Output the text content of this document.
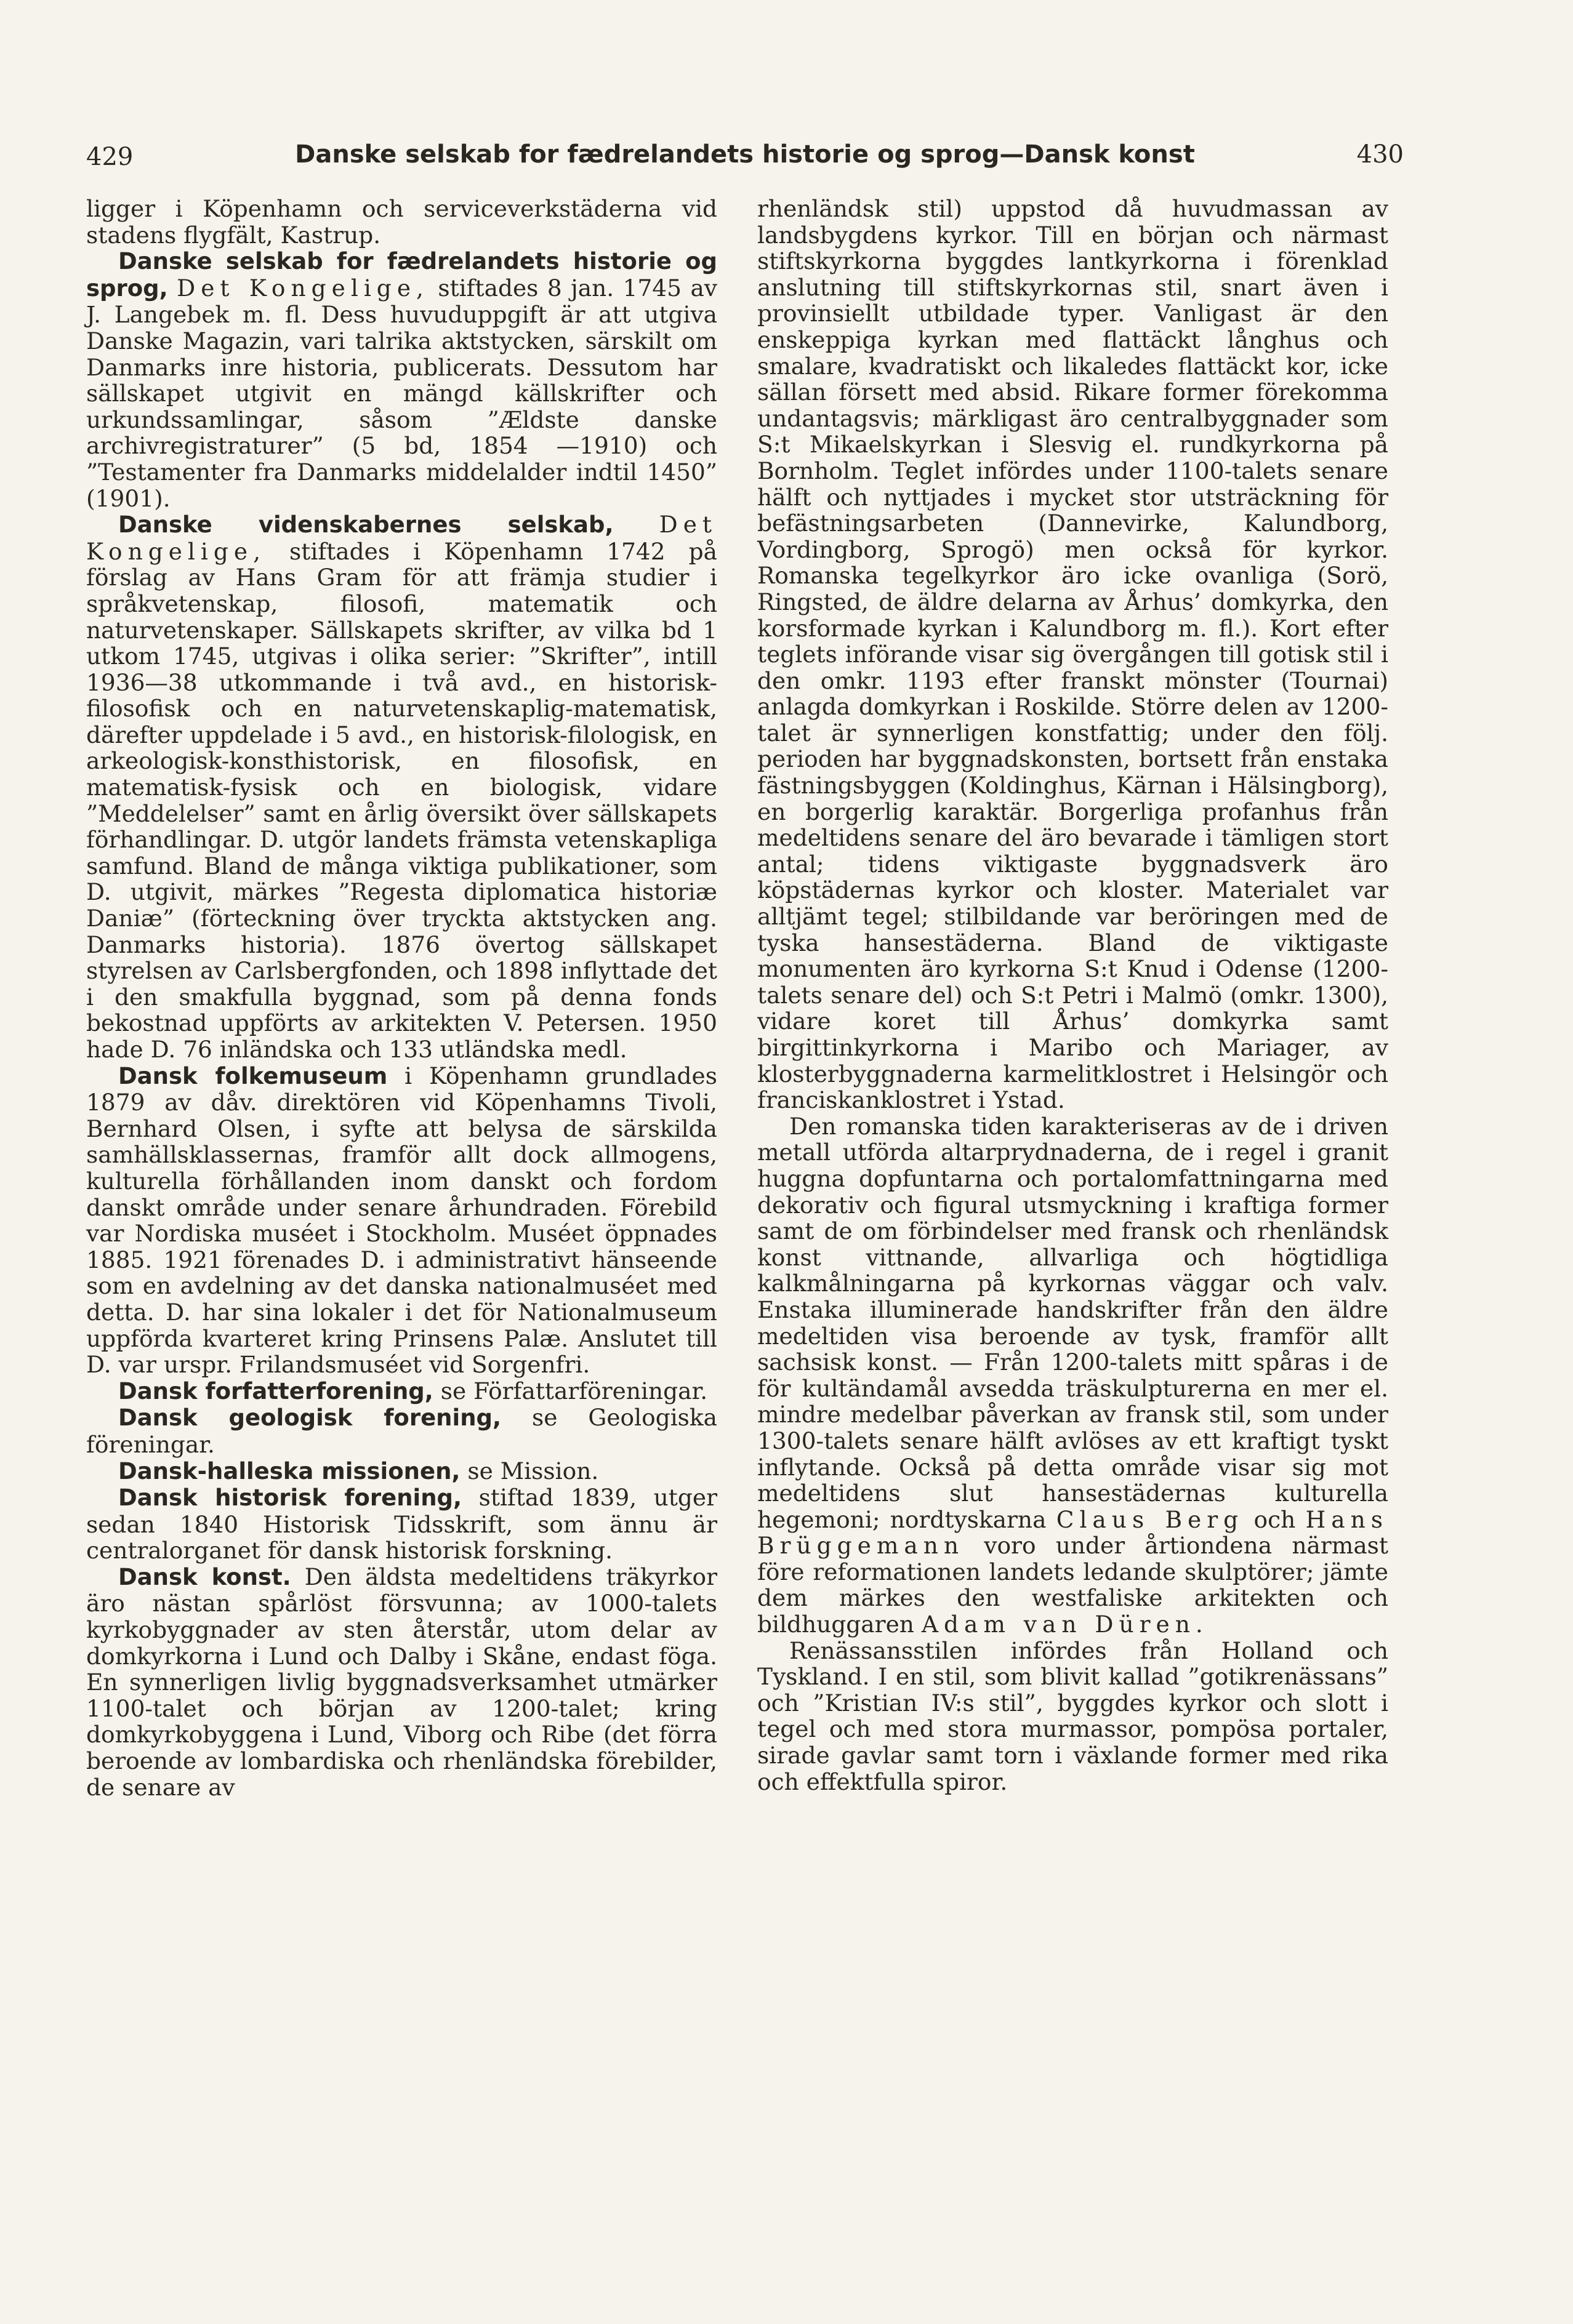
429	Danske selskab for fædrelandets historie og sprog—Dansk konst	430

ligger i Köpenhamn och serviceverkstäderna vid stadens flygfält, Kastrup.

Danske selskab for fædrelandets historie og sprog, Det Kongelige, stiftades 8 jan. 1745 av J. Langebek m. fl. Dess huvuduppgift är att utgiva Danske Magazin, vari talrika aktstycken, särskilt om Danmarks inre historia, publicerats. Dessutom har sällskapet utgivit en mängd källskrifter och urkundssamlingar, såsom ”Ældste danske archivregistraturer” (5 bd, 1854 —1910) och ”Testamenter fra Danmarks middelalder indtil 1450” (1901).

Danske videnskabernes selskab, Det Kongelige, stiftades i Köpenhamn 1742 på förslag av Hans Gram för att främja studier i språkvetenskap, filosofi, matematik och naturvetenskaper. Sällskapets skrifter, av vilka bd 1 utkom 1745, utgivas i olika serier: ”Skrifter”, intill 1936—38 utkommande i två avd., en historisk-filosofisk och en naturvetenskaplig-matematisk, därefter uppdelade i 5 avd., en historisk-filologisk, en arkeologisk-konsthistorisk, en filosofisk, en matematisk-fysisk och en biologisk, vidare ”Meddelelser” samt en årlig översikt över sällskapets förhandlingar. D. utgör landets främsta vetenskapliga samfund. Bland de många viktiga publikationer, som D. utgivit, märkes ”Regesta diplomatica historiæ Daniæ” (förteckning över tryckta aktstycken ang. Danmarks historia). 1876 övertog sällskapet styrelsen av Carlsbergfonden, och 1898 inflyttade det i den smakfulla byggnad, som på denna fonds bekostnad uppförts av arkitekten V. Petersen. 1950 hade D. 76 inländska och 133 utländska medl.

Dansk folkemuseum i Köpenhamn grundlades 1879 av dåv. direktören vid Köpenhamns Tivoli, Bernhard Olsen, i syfte att belysa de särskilda samhällsklassernas, framför allt dock allmogens, kulturella förhållanden inom danskt och fordom danskt område under senare århundraden. Förebild var Nordiska muséet i Stockholm. Muséet öppnades 1885. 1921 förenades D. i administrativt hänseende som en avdelning av det danska nationalmuséet med detta. D. har sina lokaler i det för Nationalmuseum uppförda kvarteret kring Prinsens Palæ. Anslutet till D. var urspr. Frilandsmuséet vid Sorgenfri.

Dansk forfatterforening, se Författarföreningar.

Dansk geologisk forening, se Geologiska föreningar.

Dansk-halleska missionen, se Mission.

Dansk historisk forening, stiftad 1839, utger sedan 1840 Historisk Tidsskrift, som ännu är centralorganet för dansk historisk forskning.

Dansk konst. Den äldsta medeltidens träkyrkor äro nästan spårlöst försvunna; av 1000-talets kyrkobyggnader av sten återstår, utom delar av domkyrkorna i Lund och Dalby i Skåne, endast föga. En synnerligen livlig byggnadsverksamhet utmärker 1100-talet och början av 1200-talet; kring domkyrkobyggena i Lund, Viborg och Ribe (det förra beroende av lombardiska och rhenländska förebilder, de senare av

rhenländsk stil) uppstod då huvudmassan av landsbygdens kyrkor. Till en början och närmast stiftskyrkorna byggdes lantkyrkorna i förenklad anslutning till stiftskyrkornas stil, snart även i provinsiellt utbildade typer. Vanligast är den enskeppiga kyrkan med flattäckt långhus och smalare, kvadratiskt och likaledes flattäckt kor, icke sällan försett med absid. Rikare former förekomma undantagsvis; märkligast äro centralbyggnader som S:t Mikaelskyrkan i Slesvig el. rundkyrkorna på Bornholm. Teglet infördes under 1100-talets senare hälft och nyttjades i mycket stor utsträckning för befästningsarbeten (Dannevirke, Kalundborg, Vordingborg, Sprogö) men också för kyrkor. Romanska tegelkyrkor äro icke ovanliga (Sorö, Ringsted, de äldre delarna av Århus’ domkyrka, den korsformade kyrkan i Kalundborg m. fl.). Kort efter teglets införande visar sig övergången till gotisk stil i den omkr. 1193 efter franskt mönster (Tournai) anlagda domkyrkan i Roskilde. Större delen av 1200-talet är synnerligen konstfattig; under den följ. perioden har byggnadskonsten, bortsett från enstaka fästningsbyggen (Koldinghus, Kärnan i Hälsingborg), en borgerlig karaktär. Borgerliga profanhus från medeltidens senare del äro bevarade i tämligen stort antal; tidens viktigaste byggnadsverk äro köpstädernas kyrkor och kloster. Materialet var alltjämt tegel; stilbildande var beröringen med de tyska hansestäderna. Bland de viktigaste monumenten äro kyrkorna S:t Knud i Odense (1200-talets senare del) och S:t Petri i Malmö (omkr. 1300), vidare koret till Århus’ domkyrka samt birgittinkyrkorna i Maribo och Mariager, av klosterbyggnaderna karmelitklostret i Helsingör och franciskanklostret i Ystad.

Den romanska tiden karakteriseras av de i driven metall utförda altarprydnaderna, de i regel i granit huggna dopfuntarna och portalomfattningarna med dekorativ och figural utsmyckning i kraftiga former samt de om förbindelser med fransk och rhenländsk konst vittnande, allvarliga och högtidliga kalkmålningarna på kyrkornas väggar och valv. Enstaka illuminerade handskrifter från den äldre medeltiden visa beroende av tysk, framför allt sachsisk konst. — Från 1200-talets mitt spåras i de för kultändamål avsedda träskulpturerna en mer el. mindre medelbar påverkan av fransk stil, som under 1300-talets senare hälft avlöses av ett kraftigt tyskt inflytande. Också på detta område visar sig mot medeltidens slut hansestädernas kulturella hegemoni; nordtyskarna Claus Berg och Hans Brüggemann voro under årtiondena närmast före reformationen landets ledande skulptörer; jämte dem märkes den westfaliske arkitekten och bildhuggaren Adam van Düren.

Renässansstilen infördes från Holland och Tyskland. I en stil, som blivit kallad ”gotikrenässans” och ”Kristian IV:s stil”, byggdes kyrkor och slott i tegel och med stora murmassor, pompösa portaler, sirade gavlar samt torn i växlande former med rika och effektfulla spiror.
